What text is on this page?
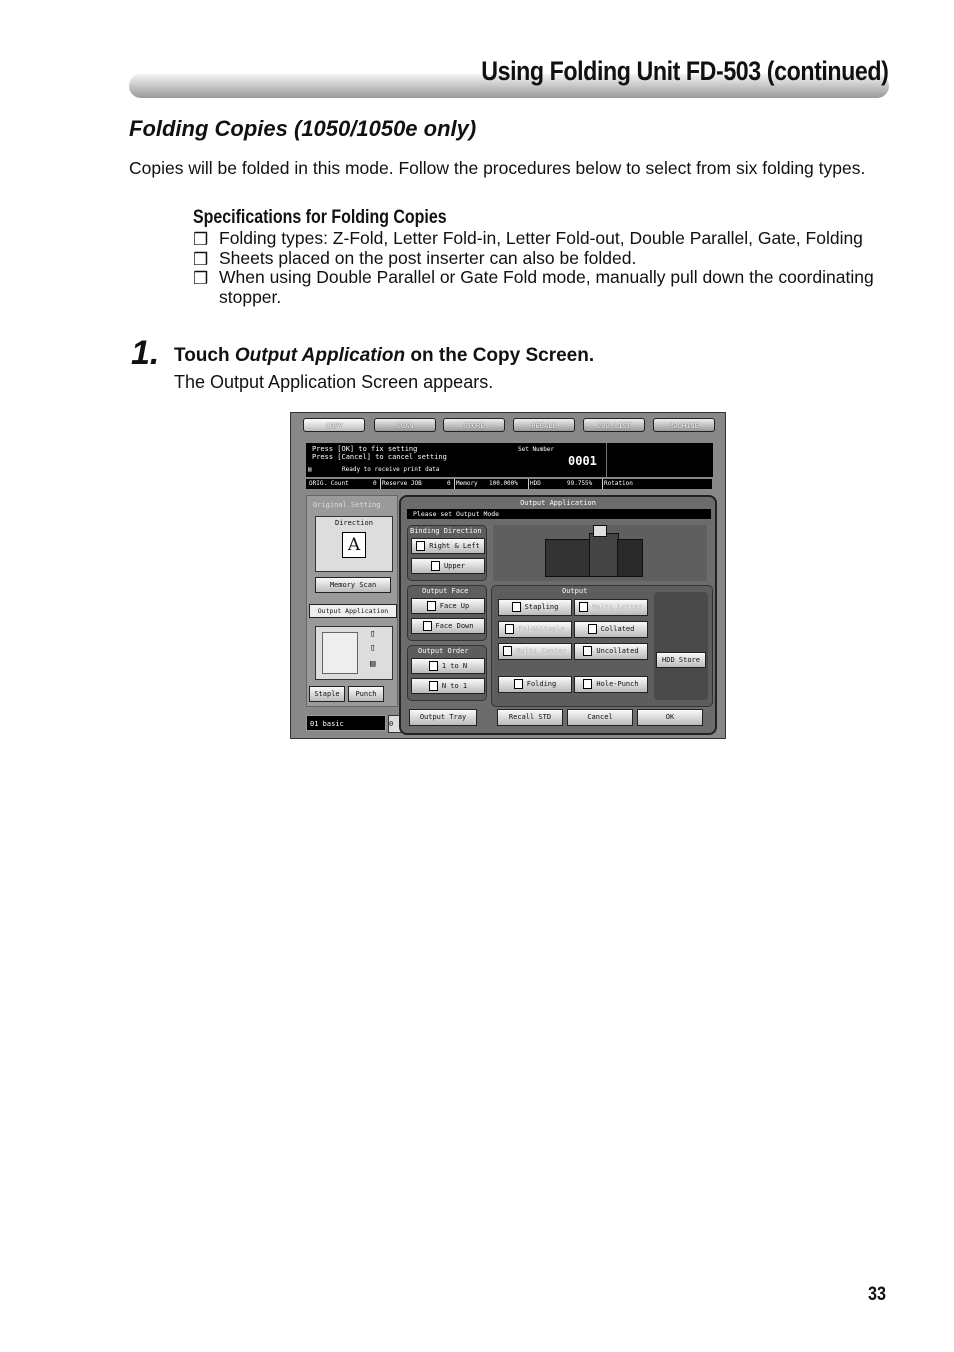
Using Folding Unit FD-503 (continued)
Folding Copies (1050/1050e only)
Copies will be folded in this mode. Follow the procedures below to select from six folding types.
Specifications for Folding Copies
❒ Folding types: Z-Fold, Letter Fold-in, Letter Fold-out, Double Parallel, Gate, Folding
❒ Sheets placed on the post inserter can also be folded.
❒ When using Double Parallel or Gate Fold mode, manually pull down the coordinating stopper.
1. Touch Output Application on the Copy Screen.
The Output Application Screen appears.
COPY	SCAN	STORE	RECALL	JOB LIST	MACHINE
Press [OK] to fix setting
Press [Cancel] to cancel setting
▤	Ready to receive print data
Set Number
0001
ORIG. Count	0 Reserve JOB	0 Memory 100.000%	HDD	99.755%	Rotation
Original Setting
Direction
A
Memory Scan
Output Application
▯
▯
▤
Staple	Punch
01 basic	0
Output Application
Please set Output Mode
Binding Direction
Right & Left
Upper
Output Face
Face Up
Face Down
Output Order
1 to N
N to 1
Output
Stapling	Multi Letter
Fold&Staple	Collated
Multi Center	Uncollated
Folding	Hole-Punch
HDD Store
Output Tray	Recall STD	Cancel	OK
33
